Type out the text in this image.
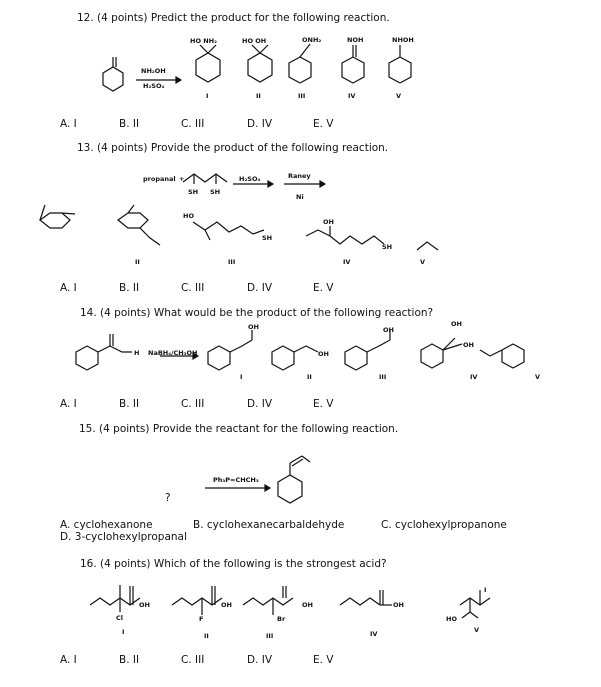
12. (4 points) Predict the product for the following reaction.
NH₂OH
H₂SO₄
HO NH₂	HO OH	ONH₂	NOH	NHOH
I	II	III	IV	V
A. I	B. II	C. III	D. IV	E. V
13. (4 points) Provide the product of the following reaction.
propanal +
SH SH
H₂SO₄	Raney
Ni
HO
SH
OH
SH
II	III	IV	V
A. I	B. II	C. III	D. IV	E. V
14. (4 points) What would be the product of the following reaction?
H NaBH₄/CH₃OH
OH
OH
OH
OH
OH
I	II	III	IV	V
A. I	B. II	C. III	D. IV	E. V
15. (4 points) Provide the reactant for the following reaction.
Ph₃P=CHCH₃
?
A. cyclohexanone	B. cyclohexanecarbaldehyde	C. cyclohexylpropanone
D. 3-cyclohexylpropanal
16. (4 points) Which of the following is the strongest acid?
OH
Cl
OH
F
OH
Br
OH
HO
I
I	II	III	IV	V
A. I	B. II	C. III	D. IV	E. V
